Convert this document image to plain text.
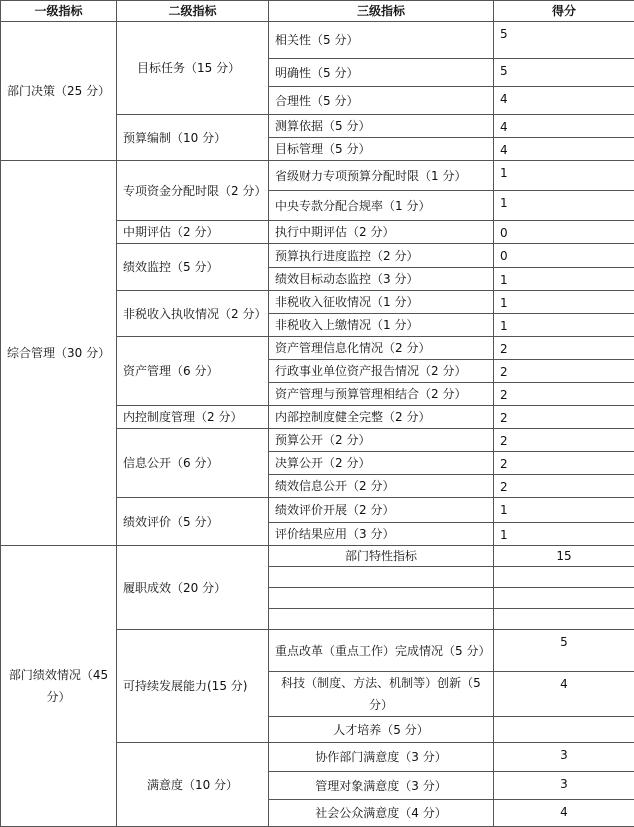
一级指标	二级指标	三级指标	得分
部门决策（25 分）	目标任务（15 分）	相关性（5 分）	5
		明确性（5 分）	5
		合理性（5 分）	4
	预算编制（10 分）	测算依据（5 分）	4
		目标管理（5 分）	4
综合管理（30 分）	专项资金分配时限（2 分）	省级财力专项预算分配时限（1 分）	1
		中央专款分配合规率（1 分）	1
	中期评估（2 分）	执行中期评估（2 分）	0
	绩效监控（5 分）	预算执行进度监控（2 分）	0
		绩效目标动态监控（3 分）	1
	非税收入执收情况（2 分）	非税收入征收情况（1 分）	1
		非税收入上缴情况（1 分）	1
	资产管理（6 分）	资产管理信息化情况（2 分）	2
		行政事业单位资产报告情况（2 分）	2
		资产管理与预算管理相结合（2 分）	2
	内控制度管理（2 分）	内部控制度健全完整（2 分）	2
	信息公开（6 分）	预算公开（2 分）	2
		决算公开（2 分）	2
		绩效信息公开（2 分）	2
	绩效评价（5 分）	绩效评价开展（2 分）	1
		评价结果应用（3 分）	1
部门绩效情况（45 分）	履职成效（20 分）	部门特性指标	15

	可持续发展能力(15 分)	重点改革（重点工作）完成情况（5 分）	5
		科技（制度、方法、机制等）创新（5 分）	4
		人才培养（5 分）	
	满意度（10 分）	协作部门满意度（3 分）	3
		管理对象满意度（3 分）	3
		社会公众满意度（4 分）	4
